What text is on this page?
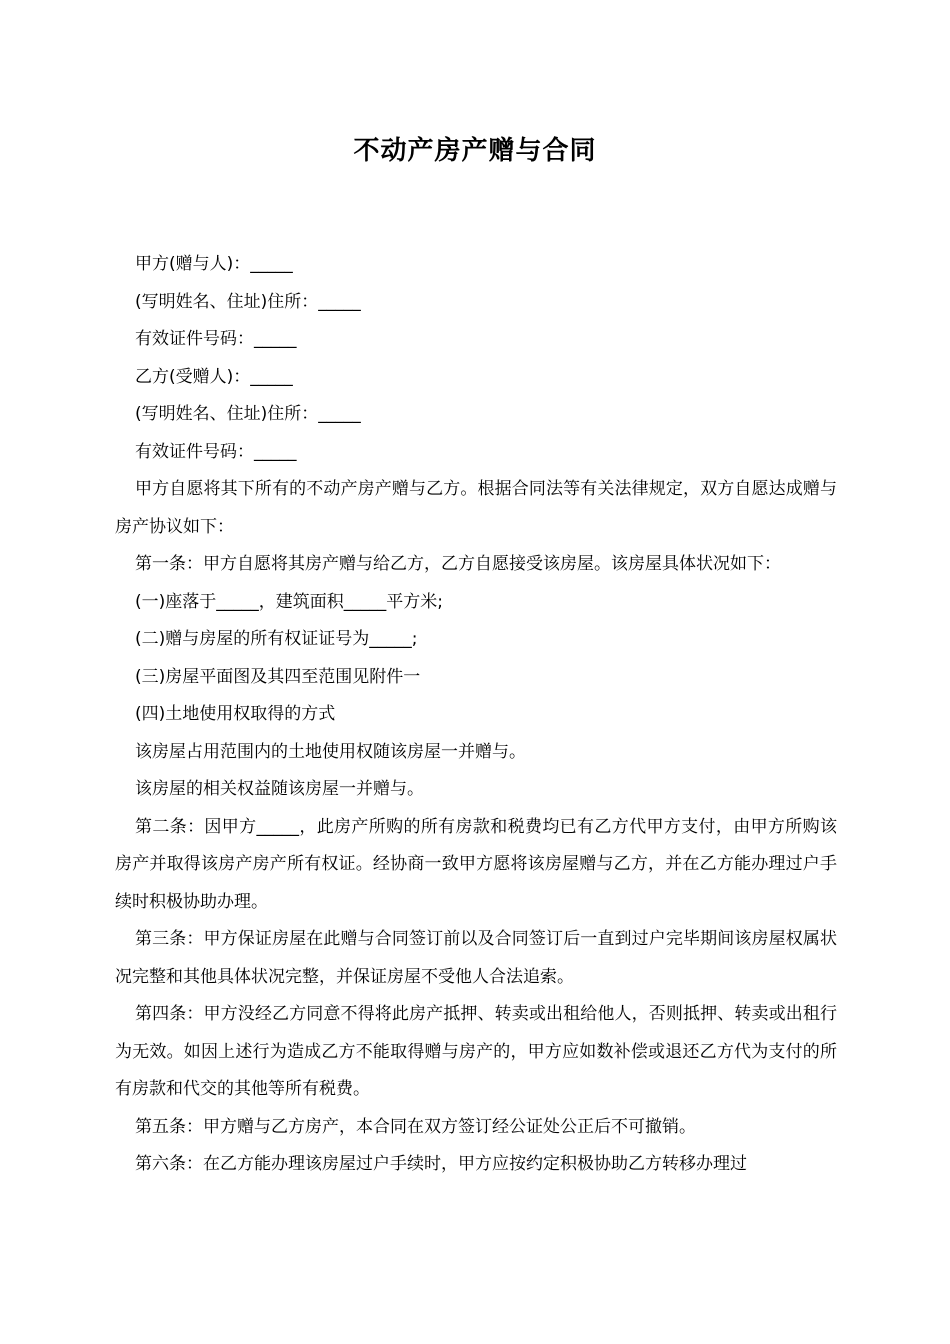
不动产房产赠与合同

甲方(赠与人)：_____

(写明姓名、住址)住所：_____

有效证件号码：_____

乙方(受赠人)：_____

(写明姓名、住址)住所：_____

有效证件号码：_____

甲方自愿将其下所有的不动产房产赠与乙方。根据合同法等有关法律规定，双方自愿达成赠与房产协议如下：

第一条：甲方自愿将其房产赠与给乙方，乙方自愿接受该房屋。该房屋具体状况如下：

(一)座落于_____，建筑面积_____平方米;

(二)赠与房屋的所有权证证号为_____;

(三)房屋平面图及其四至范围见附件一

(四)土地使用权取得的方式

该房屋占用范围内的土地使用权随该房屋一并赠与。

该房屋的相关权益随该房屋一并赠与。

第二条：因甲方_____，此房产所购的所有房款和税费均已有乙方代甲方支付，由甲方所购该房产并取得该房产房产所有权证。经协商一致甲方愿将该房屋赠与乙方，并在乙方能办理过户手续时积极协助办理。

第三条：甲方保证房屋在此赠与合同签订前以及合同签订后一直到过户完毕期间该房屋权属状况完整和其他具体状况完整，并保证房屋不受他人合法追索。

第四条：甲方没经乙方同意不得将此房产抵押、转卖或出租给他人，否则抵押、转卖或出租行为无效。如因上述行为造成乙方不能取得赠与房产的，甲方应如数补偿或退还乙方代为支付的所有房款和代交的其他等所有税费。

第五条：甲方赠与乙方房产，本合同在双方签订经公证处公正后不可撤销。

第六条：在乙方能办理该房屋过户手续时，甲方应按约定积极协助乙方转移办理过
